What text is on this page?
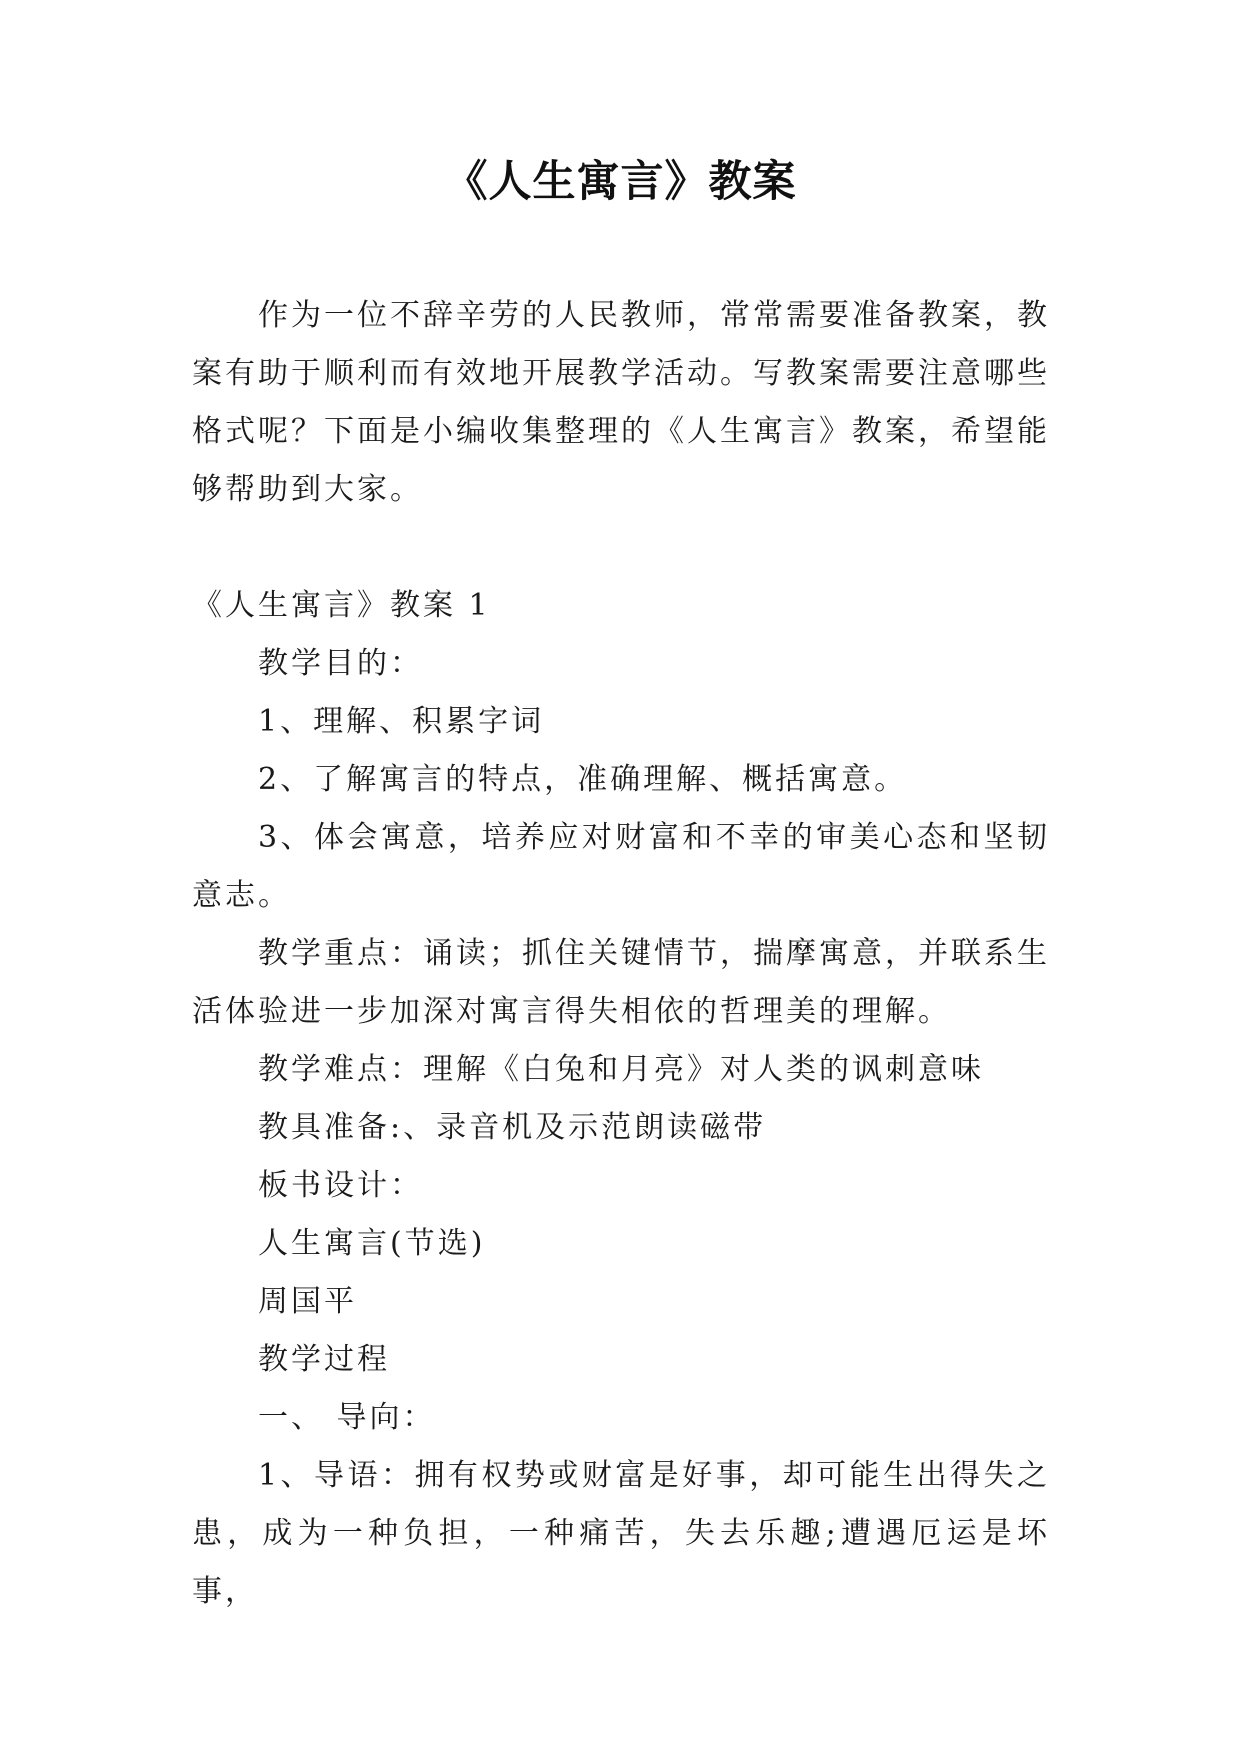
《人生寓言》教案

作为一位不辞辛劳的人民教师，常常需要准备教案，教案有助于顺利而有效地开展教学活动。写教案需要注意哪些格式呢？下面是小编收集整理的《人生寓言》教案，希望能够帮助到大家。

《人生寓言》教案 1

教学目的：

1、理解、积累字词

2、了解寓言的特点，准确理解、概括寓意。

3、体会寓意，培养应对财富和不幸的审美心态和坚韧意志。

教学重点：诵读；抓住关键情节，揣摩寓意，并联系生活体验进一步加深对寓言得失相依的哲理美的理解。

教学难点：理解《白兔和月亮》对人类的讽刺意味

教具准备:、录音机及示范朗读磁带

板书设计：

人生寓言(节选)

周国平

教学过程

一、 导向：

1、导语：拥有权势或财富是好事，却可能生出得失之患，成为一种负担，一种痛苦，失去乐趣;遭遇厄运是坏事，
